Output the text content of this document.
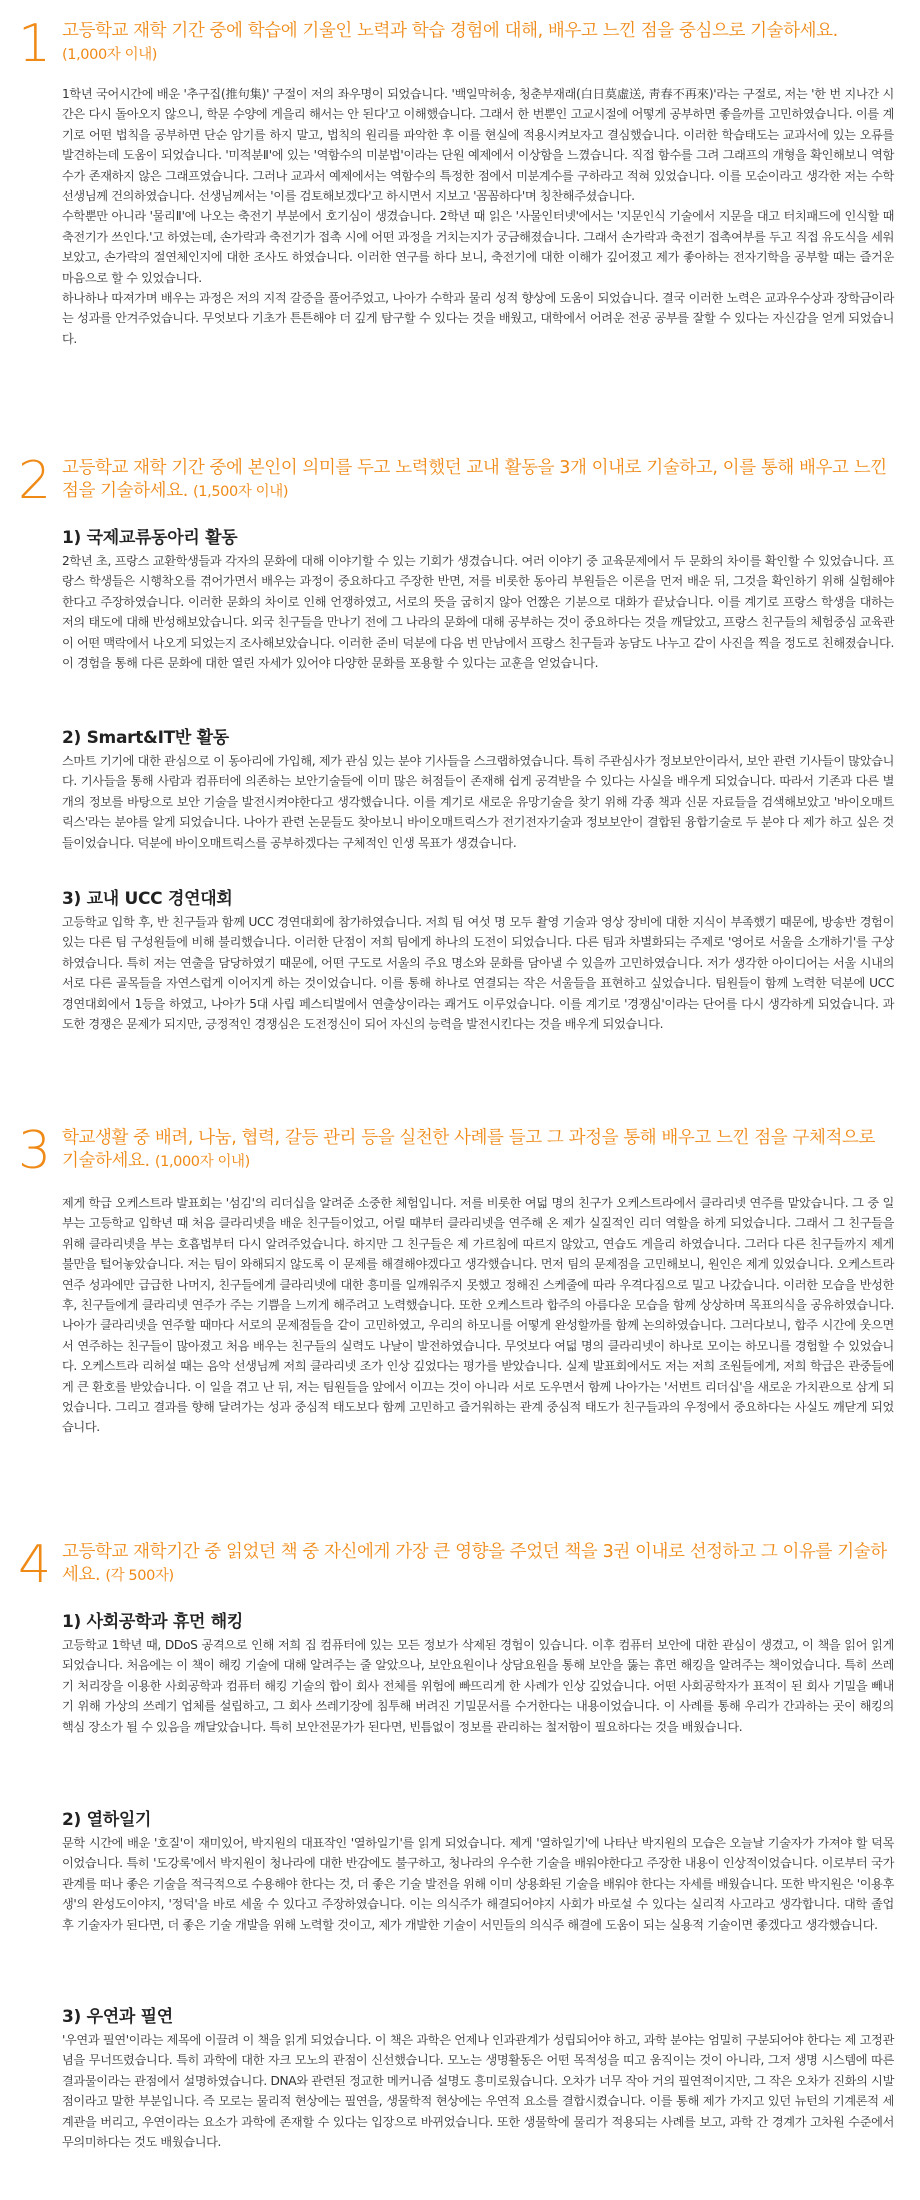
1 고등학교 재학 기간 중에 학습에 기울인 노력과 학습 경험에 대해, 배우고 느낀 점을 중심으로 기술하세요.
(1,000자 이내)

1학년 국어시간에 배운 '추구집(推句集)' 구절이 저의 좌우명이 되었습니다. '백일막허송, 청춘부재래(白日莫虛送, 靑春不再來)'라는 구절로, 저는 '한 번 지나간 시간은 다시 돌아오지 않으니, 학문 수양에 게을리 해서는 안 된다'고 이해했습니다. 그래서 한 번뿐인 고교시절에 어떻게 공부하면 좋을까를 고민하였습니다. 이를 계기로 어떤 법칙을 공부하면 단순 암기를 하지 말고, 법칙의 원리를 파악한 후 이를 현실에 적용시켜보자고 결심했습니다. 이러한 학습태도는 교과서에 있는 오류를 발견하는데 도움이 되었습니다. '미적분Ⅱ'에 있는 '역함수의 미분법'이라는 단원 예제에서 이상함을 느꼈습니다. 직접 함수를 그려 그래프의 개형을 확인해보니 역함수가 존재하지 않은 그래프였습니다. 그러나 교과서 예제에서는 역함수의 특정한 점에서 미분계수를 구하라고 적혀 있었습니다. 이를 모순이라고 생각한 저는 수학선생님께 건의하였습니다. 선생님께서는 '이를 검토해보겠다'고 하시면서 지보고 '꼼꼼하다'며 칭찬해주셨습니다.

수학뿐만 아니라 '물리Ⅱ'에 나오는 축전기 부분에서 호기심이 생겼습니다. 2학년 때 읽은 '사물인터넷'에서는 '지문인식 기술에서 지문을 대고 터치패드에 인식할 때 축전기가 쓰인다.'고 하였는데, 손가락과 축전기가 접촉 시에 어떤 과정을 거치는지가 궁금해졌습니다. 그래서 손가락과 축전기 접촉여부를 두고 직접 유도식을 세워보았고, 손가락의 절연체인지에 대한 조사도 하였습니다. 이러한 연구를 하다 보니, 축전기에 대한 이해가 깊어졌고 제가 좋아하는 전자기학을 공부할 때는 즐거운 마음으로 할 수 있었습니다.

하나하나 따져가며 배우는 과정은 저의 지적 갈증을 풀어주었고, 나아가 수학과 물리 성적 향상에 도움이 되었습니다. 결국 이러한 노력은 교과우수상과 장학금이라는 성과를 안겨주었습니다. 무엇보다 기초가 튼튼해야 더 깊게 탐구할 수 있다는 것을 배웠고, 대학에서 어려운 전공 공부를 잘할 수 있다는 자신감을 얻게 되었습니다.

2 고등학교 재학 기간 중에 본인이 의미를 두고 노력했던 교내 활동을 3개 이내로 기술하고, 이를 통해 배우고 느낀 점을 기술하세요. (1,500자 이내)
1) 국제교류동아리 활동

2학년 초, 프랑스 교환학생들과 각자의 문화에 대해 이야기할 수 있는 기회가 생겼습니다. 여러 이야기 중 교육문제에서 두 문화의 차이를 확인할 수 있었습니다. 프랑스 학생들은 시행착오를 겪어가면서 배우는 과정이 중요하다고 주장한 반면, 저를 비롯한 동아리 부원들은 이론을 먼저 배운 뒤, 그것을 확인하기 위해 실험해야 한다고 주장하였습니다. 이러한 문화의 차이로 인해 언쟁하였고, 서로의 뜻을 굽히지 않아 언짢은 기분으로 대화가 끝났습니다. 이를 계기로 프랑스 학생을 대하는 저의 태도에 대해 반성해보았습니다. 외국 친구들을 만나기 전에 그 나라의 문화에 대해 공부하는 것이 중요하다는 것을 깨달았고, 프랑스 친구들의 체험중심 교육관이 어떤 맥락에서 나오게 되었는지 조사해보았습니다. 이러한 준비 덕분에 다음 번 만남에서 프랑스 친구들과 농담도 나누고 같이 사진을 찍을 정도로 친해졌습니다. 이 경험을 통해 다른 문화에 대한 열린 자세가 있어야 다양한 문화를 포용할 수 있다는 교훈을 얻었습니다.

2) Smart&IT반 활동

스마트 기기에 대한 관심으로 이 동아리에 가입해, 제가 관심 있는 분야 기사들을 스크랩하였습니다. 특히 주관심사가 정보보안이라서, 보안 관련 기사들이 많았습니다. 기사들을 통해 사람과 컴퓨터에 의존하는 보안기술들에 이미 많은 허점들이 존재해 쉽게 공격받을 수 있다는 사실을 배우게 되었습니다. 따라서 기존과 다른 별개의 정보를 바탕으로 보안 기술을 발전시켜야한다고 생각했습니다. 이를 계기로 새로운 유망기술을 찾기 위해 각종 책과 신문 자료들을 검색해보았고 '바이오매트릭스'라는 분야를 알게 되었습니다. 나아가 관련 논문들도 찾아보니 바이오매트릭스가 전기전자기술과 정보보안이 결합된 융합기술로 두 분야 다 제가 하고 싶은 것들이었습니다. 덕분에 바이오매트릭스를 공부하겠다는 구체적인 인생 목표가 생겼습니다.

3) 교내 UCC 경연대회

고등학교 입학 후, 반 친구들과 함께 UCC 경연대회에 참가하였습니다. 저희 팀 여섯 명 모두 촬영 기술과 영상 장비에 대한 지식이 부족했기 때문에, 방송반 경험이 있는 다른 팀 구성원들에 비해 불리했습니다. 이러한 단점이 저희 팀에게 하나의 도전이 되었습니다. 다른 팀과 차별화되는 주제로 '영어로 서울을 소개하기'를 구상하였습니다. 특히 저는 연출을 담당하였기 때문에, 어떤 구도로 서울의 주요 명소와 문화를 담아낼 수 있을까 고민하였습니다. 저가 생각한 아이디어는 서울 시내의 서로 다른 골목들을 자연스럽게 이어지게 하는 것이었습니다. 이를 통해 하나로 연결되는 작은 서울들을 표현하고 싶었습니다. 팀원들이 함께 노력한 덕분에 UCC 경연대회에서 1등을 하였고, 나아가 5대 사립 페스티벌에서 연출상이라는 쾌거도 이루었습니다. 이를 계기로 '경쟁심'이라는 단어를 다시 생각하게 되었습니다. 과도한 경쟁은 문제가 되지만, 긍정적인 경쟁심은 도전정신이 되어 자신의 능력을 발전시킨다는 것을 배우게 되었습니다.

3 학교생활 중 배려, 나눔, 협력, 갈등 관리 등을 실천한 사례를 들고 그 과정을 통해 배우고 느낀 점을 구체적으로 기술하세요. (1,000자 이내)

제게 학급 오케스트라 발표회는 '섬김'의 리더십을 알려준 소중한 체험입니다. 저를 비롯한 여덟 명의 친구가 오케스트라에서 클라리넷 연주를 맡았습니다. 그 중 일부는 고등학교 입학년 때 처음 클라리넷을 배운 친구들이었고, 어릴 때부터 클라리넷을 연주해 온 제가 실질적인 리더 역할을 하게 되었습니다. 그래서 그 친구들을 위해 클라리넷을 부는 호흡법부터 다시 알려주었습니다. 하지만 그 친구들은 제 가르침에 따르지 않았고, 연습도 게을리 하였습니다. 그러다 다른 친구들까지 제게 불만을 털어놓았습니다. 저는 팀이 와해되지 않도록 이 문제를 해결해야겠다고 생각했습니다. 먼저 팀의 문제점을 고민해보니, 원인은 제게 있었습니다. 오케스트라 연주 성과에만 급급한 나머지, 친구들에게 클라리넷에 대한 흥미를 일깨워주지 못했고 정해진 스케줄에 따라 우격다짐으로 밀고 나갔습니다. 이러한 모습을 반성한 후, 친구들에게 클라리넷 연주가 주는 기쁨을 느끼게 해주려고 노력했습니다. 또한 오케스트라 합주의 아름다운 모습을 함께 상상하며 목표의식을 공유하였습니다. 나아가 클라리넷을 연주할 때마다 서로의 문제점들을 같이 고민하였고, 우리의 하모니를 어떻게 완성할까를 함께 논의하였습니다. 그러다보니, 합주 시간에 웃으면서 연주하는 친구들이 많아졌고 처음 배우는 친구들의 실력도 나날이 발전하였습니다. 무엇보다 여덟 명의 클라리넷이 하나로 모이는 하모니를 경험할 수 있었습니다. 오케스트라 리허설 때는 음악 선생님께 저희 클라리넷 조가 인상 깊었다는 평가를 받았습니다. 실제 발표회에서도 저는 저희 조원들에게, 저희 학급은 관중들에게 큰 환호를 받았습니다. 이 일을 겪고 난 뒤, 저는 팀원들을 앞에서 이끄는 것이 아니라 서로 도우면서 함께 나아가는 '서번트 리더십'을 새로운 가치관으로 삼게 되었습니다. 그리고 결과를 향해 달려가는 성과 중심적 태도보다 함께 고민하고 즐거워하는 관계 중심적 태도가 친구들과의 우정에서 중요하다는 사실도 깨닫게 되었습니다.

4 고등학교 재학기간 중 읽었던 책 중 자신에게 가장 큰 영향을 주었던 책을 3권 이내로 선정하고 그 이유를 기술하세요. (각 500자)
1) 사회공학과 휴먼 해킹

고등학교 1학년 때, DDoS 공격으로 인해 저희 집 컴퓨터에 있는 모든 정보가 삭제된 경험이 있습니다. 이후 컴퓨터 보안에 대한 관심이 생겼고, 이 책을 읽어 읽게 되었습니다. 처음에는 이 책이 해킹 기술에 대해 알려주는 줄 알았으나, 보안요원이나 상담요원을 통해 보안을 뚫는 휴먼 해킹을 알려주는 책이었습니다. 특히 쓰레기 처리장을 이용한 사회공학과 컴퓨터 해킹 기술의 합이 회사 전체를 위험에 빠뜨리게 한 사례가 인상 깊었습니다. 어떤 사회공학자가 표적이 된 회사 기밀을 빼내기 위해 가상의 쓰레기 업체를 설립하고, 그 회사 쓰레기장에 침투해 버려진 기밀문서를 수거한다는 내용이었습니다. 이 사례를 통해 우리가 간과하는 곳이 해킹의 핵심 장소가 될 수 있음을 깨달았습니다. 특히 보안전문가가 된다면, 빈틈없이 정보를 관리하는 철저함이 필요하다는 것을 배웠습니다.

2) 열하일기

문학 시간에 배운 '호질'이 재미있어, 박지원의 대표작인 '열하일기'를 읽게 되었습니다. 제게 '열하일기'에 나타난 박지원의 모습은 오늘날 기술자가 가져야 할 덕목이었습니다. 특히 '도강록'에서 박지원이 청나라에 대한 반감에도 불구하고, 청나라의 우수한 기술을 배워야한다고 주장한 내용이 인상적이었습니다. 이로부터 국가 관계를 떠나 좋은 기술을 적극적으로 수용해야 한다는 것, 더 좋은 기술 발전을 위해 이미 상용화된 기술을 배워야 한다는 자세를 배웠습니다. 또한 박지원은 '이용후생'의 완성도이야지, '정덕'을 바로 세울 수 있다고 주장하였습니다. 이는 의식주가 해결되어야지 사회가 바로설 수 있다는 실리적 사고라고 생각합니다. 대학 졸업 후 기술자가 된다면, 더 좋은 기술 개발을 위해 노력할 것이고, 제가 개발한 기술이 서민들의 의식주 해결에 도움이 되는 실용적 기술이면 좋겠다고 생각했습니다.

3) 우연과 필연

'우연과 필연'이라는 제목에 이끌려 이 책을 읽게 되었습니다. 이 책은 과학은 언제나 인과관계가 성립되어야 하고, 과학 분야는 엄밀히 구분되어야 한다는 제 고정관념을 무너뜨렸습니다. 특히 과학에 대한 자크 모노의 관점이 신선했습니다. 모노는 생명활동은 어떤 목적성을 띠고 움직이는 것이 아니라, 그저 생명 시스템에 따른 결과물이라는 관점에서 설명하였습니다. DNA와 관련된 정교한 메커니즘 설명도 흥미로웠습니다. 오차가 너무 작아 거의 필연적이지만, 그 작은 오차가 진화의 시발점이라고 말한 부분입니다. 즉 모로는 물리적 현상에는 필연을, 생물학적 현상에는 우연적 요소를 결합시켰습니다. 이를 통해 제가 가지고 있던 뉴턴의 기계론적 세계관을 버리고, 우연이라는 요소가 과학에 존재할 수 있다는 입장으로 바뀌었습니다. 또한 생물학에 물리가 적용되는 사례를 보고, 과학 간 경계가 고차원 수준에서 무의미하다는 것도 배웠습니다.
